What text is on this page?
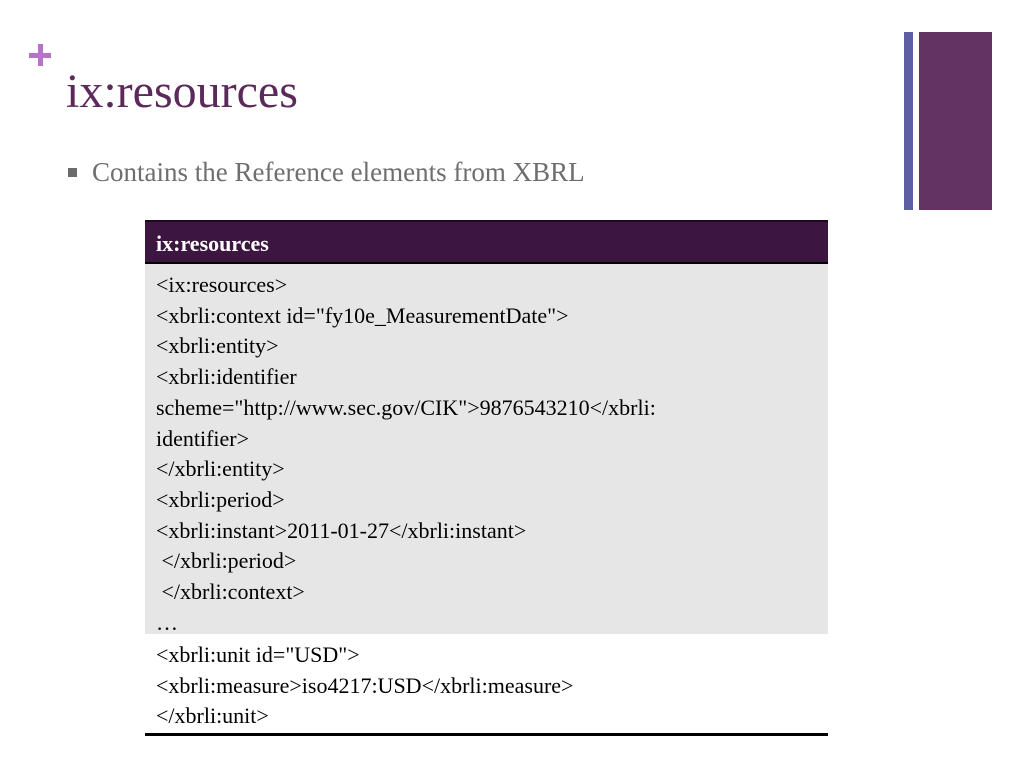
ix:resources
Contains the Reference elements from XBRL
ix:resources
<ix:resources>
<xbrli:context id="fy10e_MeasurementDate">
<xbrli:entity>
<xbrli:identifier
scheme="http://www.sec.gov/CIK">9876543210</xbrli:
identifier>
</xbrli:entity>
<xbrli:period>
<xbrli:instant>2011-01-27</xbrli:instant>
</xbrli:period>
</xbrli:context>
…
<xbrli:unit id="USD">
<xbrli:measure>iso4217:USD</xbrli:measure>
</xbrli:unit>
